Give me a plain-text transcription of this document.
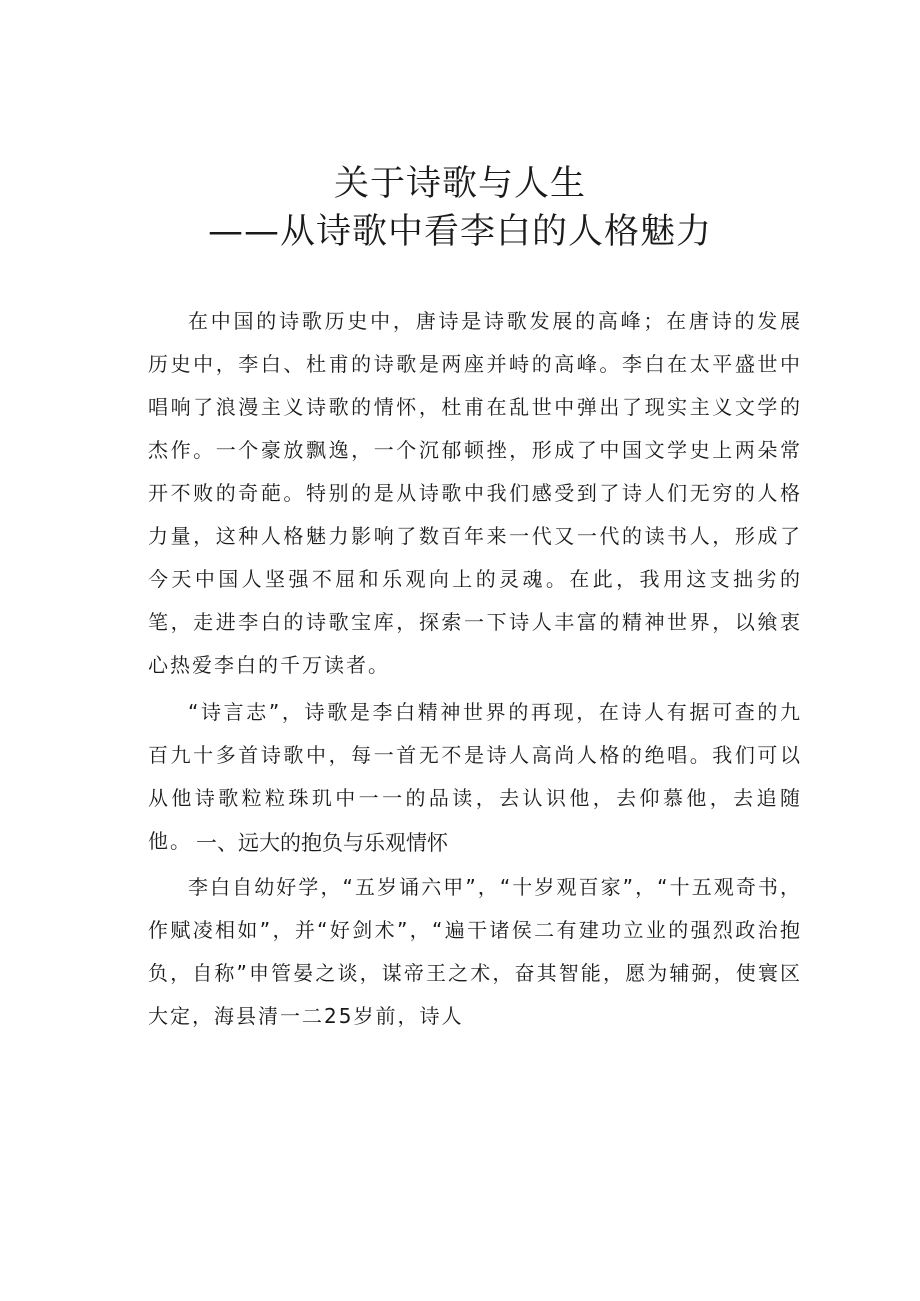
关于诗歌与人生
——从诗歌中看李白的人格魅力

在中国的诗歌历史中，唐诗是诗歌发展的高峰；在唐诗的发展历史中，李白、杜甫的诗歌是两座并峙的高峰。李白在太平盛世中唱响了浪漫主义诗歌的情怀，杜甫在乱世中弹出了现实主义文学的杰作。一个豪放飘逸，一个沉郁顿挫，形成了中国文学史上两朵常开不败的奇葩。特别的是从诗歌中我们感受到了诗人们无穷的人格力量，这种人格魅力影响了数百年来一代又一代的读书人，形成了今天中国人坚强不屈和乐观向上的灵魂。在此，我用这支拙劣的笔，走进李白的诗歌宝库，探索一下诗人丰富的精神世界，以飨衷心热爱李白的千万读者。

“诗言志”，诗歌是李白精神世界的再现，在诗人有据可查的九百九十多首诗歌中，每一首无不是诗人高尚人格的绝唱。我们可以从他诗歌粒粒珠玑中一一的品读，去认识他，去仰慕他，去追随他。 一、远大的抱负与乐观情怀

李白自幼好学，“五岁诵六甲”，“十岁观百家”，“十五观奇书，作赋凌相如”，并“好剑术”，“遍干诸侯二有建功立业的强烈政治抱负，自称”申管晏之谈，谋帝王之术，奋其智能，愿为辅弼，使寰区大定，海县清一二25岁前，诗人
